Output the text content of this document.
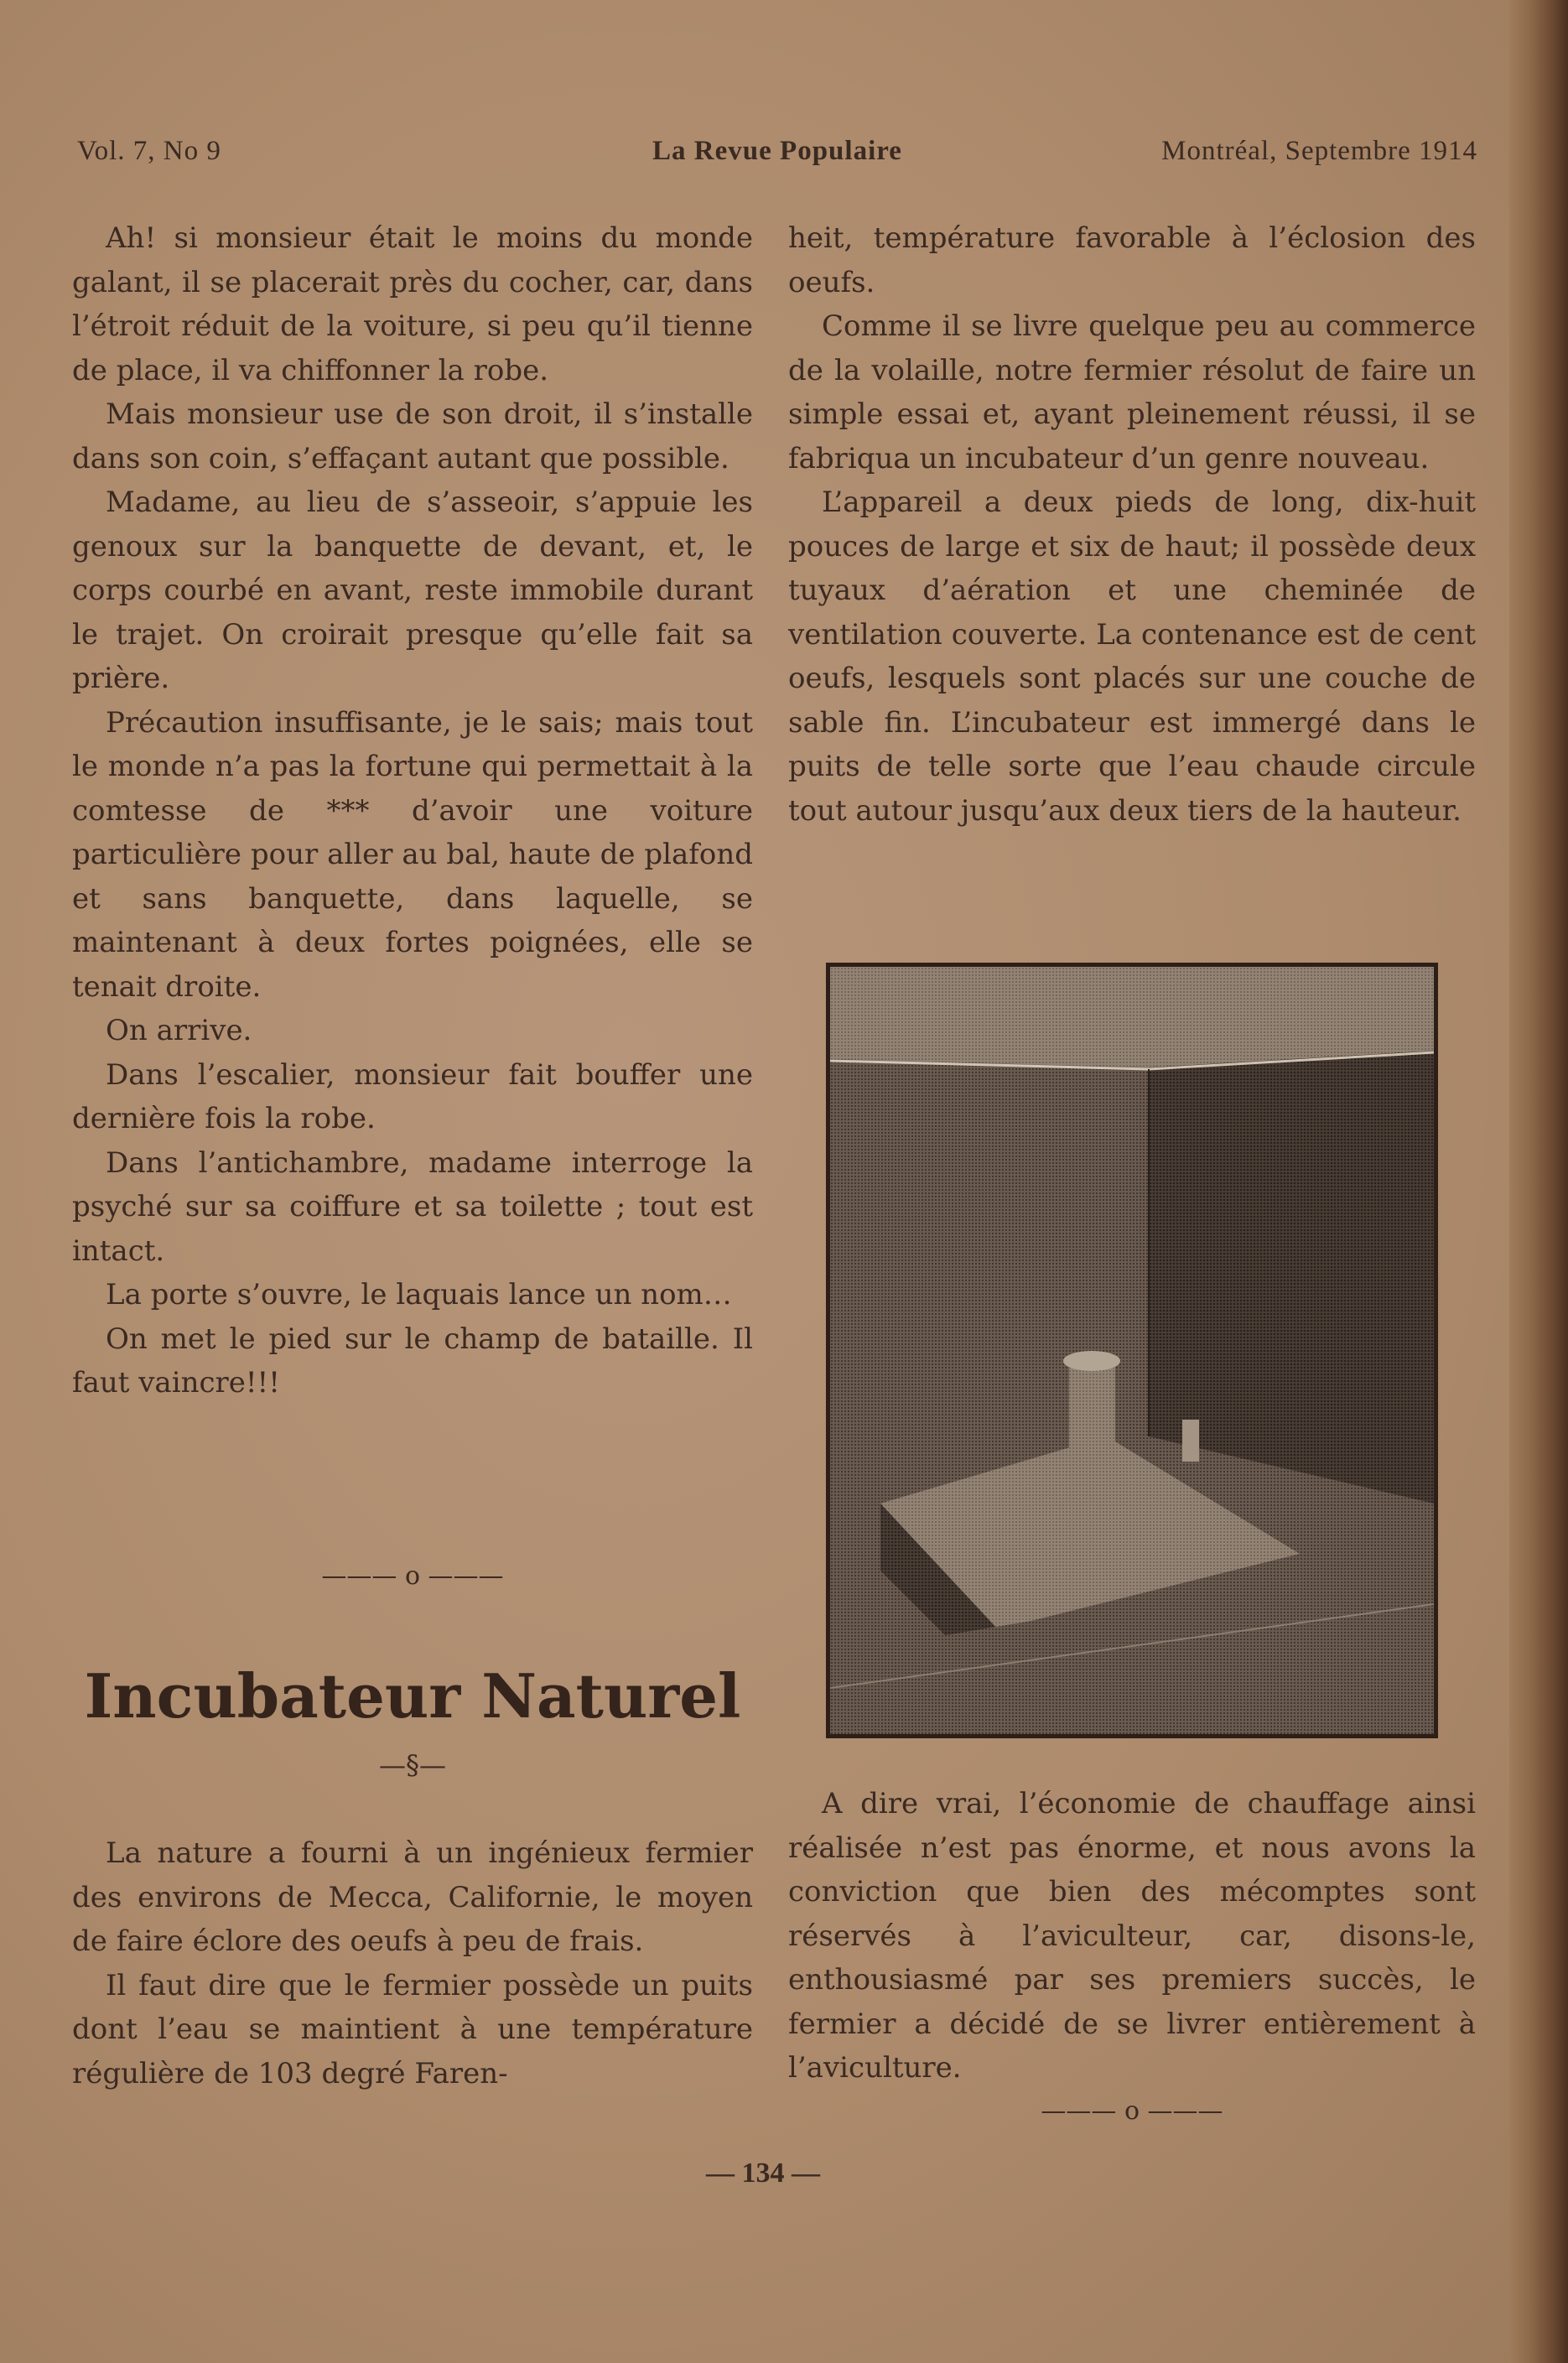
Vol. 7, No 9	La Revue Populaire	Montréal, Septembre 1914

Ah! si monsieur était le moins du monde galant, il se placerait près du cocher, car, dans l’étroit réduit de la voiture, si peu qu’il tienne de place, il va chiffonner la robe.

Mais monsieur use de son droit, il s’installe dans son coin, s’effaçant autant que possible.

Madame, au lieu de s’asseoir, s’appuie les genoux sur la banquette de devant, et, le corps courbé en avant, reste immobile durant le trajet. On croirait presque qu’elle fait sa prière.

Précaution insuffisante, je le sais; mais tout le monde n’a pas la fortune qui permettait à la comtesse de *** d’avoir une voiture particulière pour aller au bal, haute de plafond et sans banquette, dans laquelle, se maintenant à deux fortes poignées, elle se tenait droite.

On arrive.

Dans l’escalier, monsieur fait bouffer une dernière fois la robe.

Dans l’antichambre, madame interroge la psyché sur sa coiffure et sa toilette ; tout est intact.

La porte s’ouvre, le laquais lance un nom…

On met le pied sur le champ de bataille. Il faut vaincre!!!

——— o ———
Incubateur Naturel
—§—

La nature a fourni à un ingénieux fermier des environs de Mecca, Californie, le moyen de faire éclore des oeufs à peu de frais.

Il faut dire que le fermier possède un puits dont l’eau se maintient à une température régulière de 103 degré Faren-

heit, température favorable à l’éclosion des oeufs.

Comme il se livre quelque peu au commerce de la volaille, notre fermier résolut de faire un simple essai et, ayant pleinement réussi, il se fabriqua un incubateur d’un genre nouveau.

L’appareil a deux pieds de long, dix-huit pouces de large et six de haut; il possède deux tuyaux d’aération et une cheminée de ventilation couverte. La contenance est de cent oeufs, lesquels sont placés sur une couche de sable fin. L’incubateur est immergé dans le puits de telle sorte que l’eau chaude circule tout autour jusqu’aux deux tiers de la hauteur.

A dire vrai, l’économie de chauffage ainsi réalisée n’est pas énorme, et nous avons la conviction que bien des mécomptes sont réservés à l’aviculteur, car, disons-le, enthousiasmé par ses premiers succès, le fermier a décidé de se livrer entièrement à l’aviculture.

——— o ———
— 134 —
